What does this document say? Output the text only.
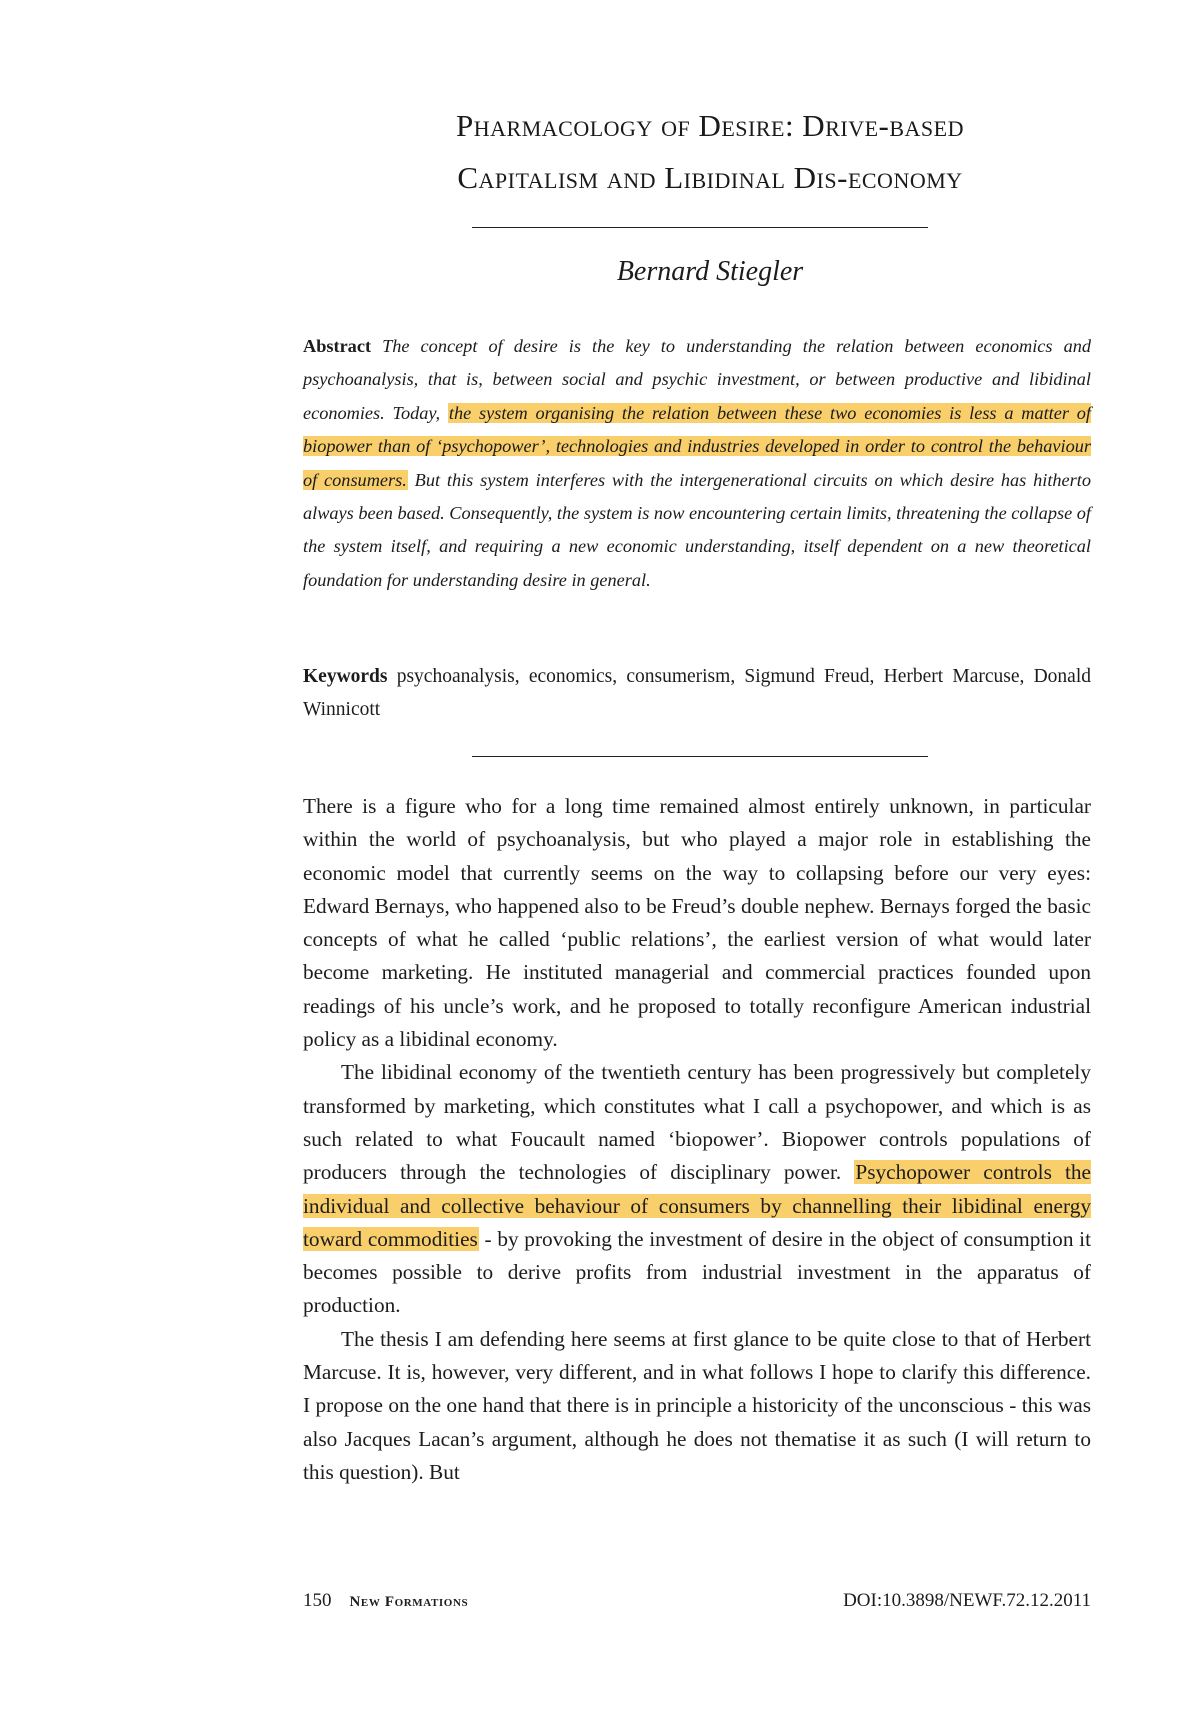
Pharmacology of Desire: Drive-based
Capitalism and Libidinal Dis-economy
Bernard Stiegler
Abstract The concept of desire is the key to understanding the relation between economics and psychoanalysis, that is, between social and psychic investment, or between productive and libidinal economies. Today, the system organising the relation between these two economies is less a matter of biopower than of ‘psychopower’, technologies and industries developed in order to control the behaviour of consumers. But this system interferes with the intergenerational circuits on which desire has hitherto always been based. Consequently, the system is now encountering certain limits, threatening the collapse of the system itself, and requiring a new economic understanding, itself dependent on a new theoretical foundation for understanding desire in general.
Keywords psychoanalysis, economics, consumerism, Sigmund Freud, Herbert Marcuse, Donald Winnicott

There is a figure who for a long time remained almost entirely unknown, in particular within the world of psychoanalysis, but who played a major role in establishing the economic model that currently seems on the way to collapsing before our very eyes: Edward Bernays, who happened also to be Freud’s double nephew. Bernays forged the basic concepts of what he called ‘public relations’, the earliest version of what would later become marketing. He instituted managerial and commercial practices founded upon readings of his uncle’s work, and he proposed to totally reconfigure American industrial policy as a libidinal economy.

The libidinal economy of the twentieth century has been progressively but completely transformed by marketing, which constitutes what I call a psychopower, and which is as such related to what Foucault named ‘biopower’. Biopower controls populations of producers through the technologies of disciplinary power. Psychopower controls the individual and collective behaviour of consumers by channelling their libidinal energy toward commodities - by provoking the investment of desire in the object of consumption it becomes possible to derive profits from industrial investment in the apparatus of production.

The thesis I am defending here seems at first glance to be quite close to that of Herbert Marcuse. It is, however, very different, and in what follows I hope to clarify this difference. I propose on the one hand that there is in principle a historicity of the unconscious - this was also Jacques Lacan’s argument, although he does not thematise it as such (I will return to this question). But

150 New Formations	DOI:10.3898/NEWF.72.12.2011
